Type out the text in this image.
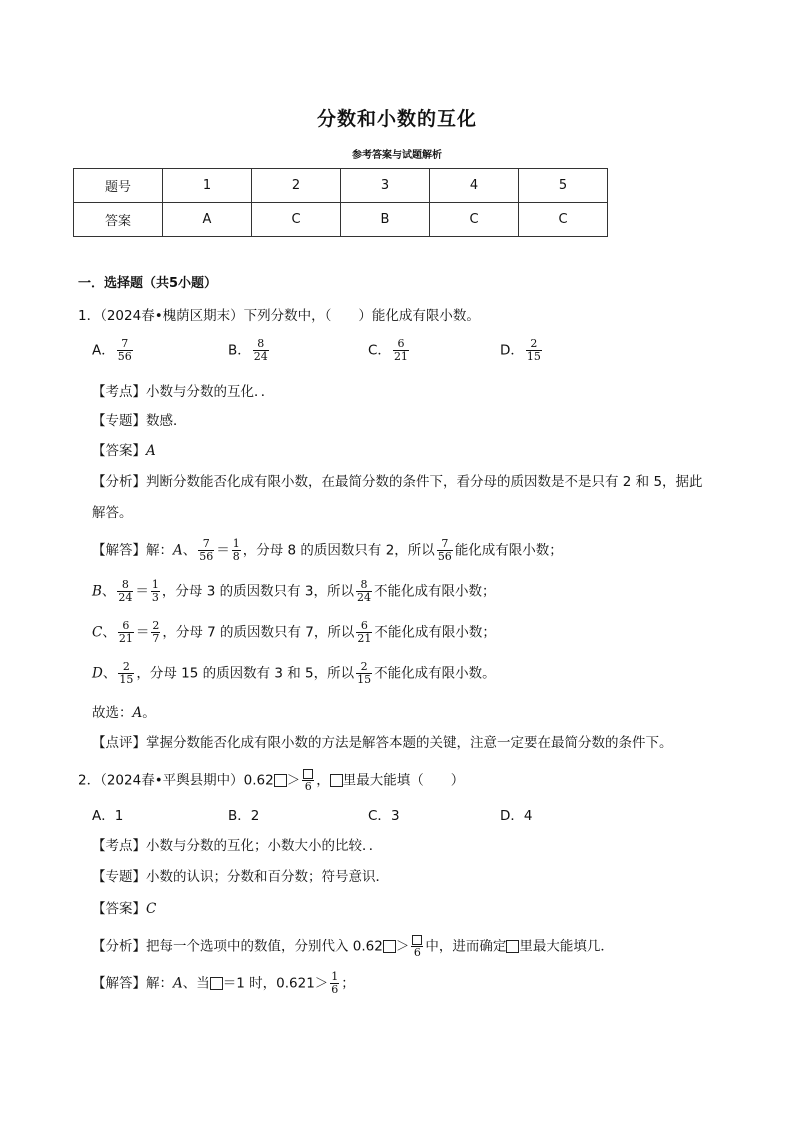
分数和小数的互化
参考答案与试题解析
题号	1	2	3	4	5
答案	A	C	B	C	C
一．选择题（共5小题）
1．（2024春•槐荫区期末）下列分数中，（　　）能化成有限小数。
A． $\frac{7}{56}$	B． $\frac{8}{24}$	C． $\frac{6}{21}$	D． $\frac{2}{15}$
【考点】小数与分数的互化．．
【专题】数感．
【答案】A
【分析】判断分数能否化成有限小数，在最简分数的条件下，看分母的质因数是不是只有 2 和 5，据此
解答。
【解答】解：A、 $\frac{7}{56} = \frac{1}{8}$ ，分母 8 的质因数只有 2，所以 $\frac{7}{56}$ 能化成有限小数；
B、 $\frac{8}{24} = \frac{1}{3}$ ，分母 3 的质因数只有 3，所以 $\frac{8}{24}$ 不能化成有限小数；
C、 $\frac{6}{21} = \frac{2}{7}$ ，分母 7 的质因数只有 7，所以 $\frac{6}{21}$ 不能化成有限小数；
D、 $\frac{2}{15}$ ，分母 15 的质因数有 3 和 5，所以 $\frac{2}{15}$ 不能化成有限小数。
故选：A。
【点评】掌握分数能否化成有限小数的方法是解答本题的关键，注意一定要在最简分数的条件下。
2．（2024春•平舆县期中）0.62 ＞ 6 ， 里最大能填（　　）
A．1	B．2	C．3	D．4
【考点】小数与分数的互化；小数大小的比较．．
【专题】小数的认识；分数和百分数；符号意识．
【答案】C
【分析】把每一个选项中的数值，分别代入 0.62 ＞ 6 中，进而确定 里最大能填几．
【解答】解：A、当 ＝1 时，$0.621> \frac{1}{6}$ ；
